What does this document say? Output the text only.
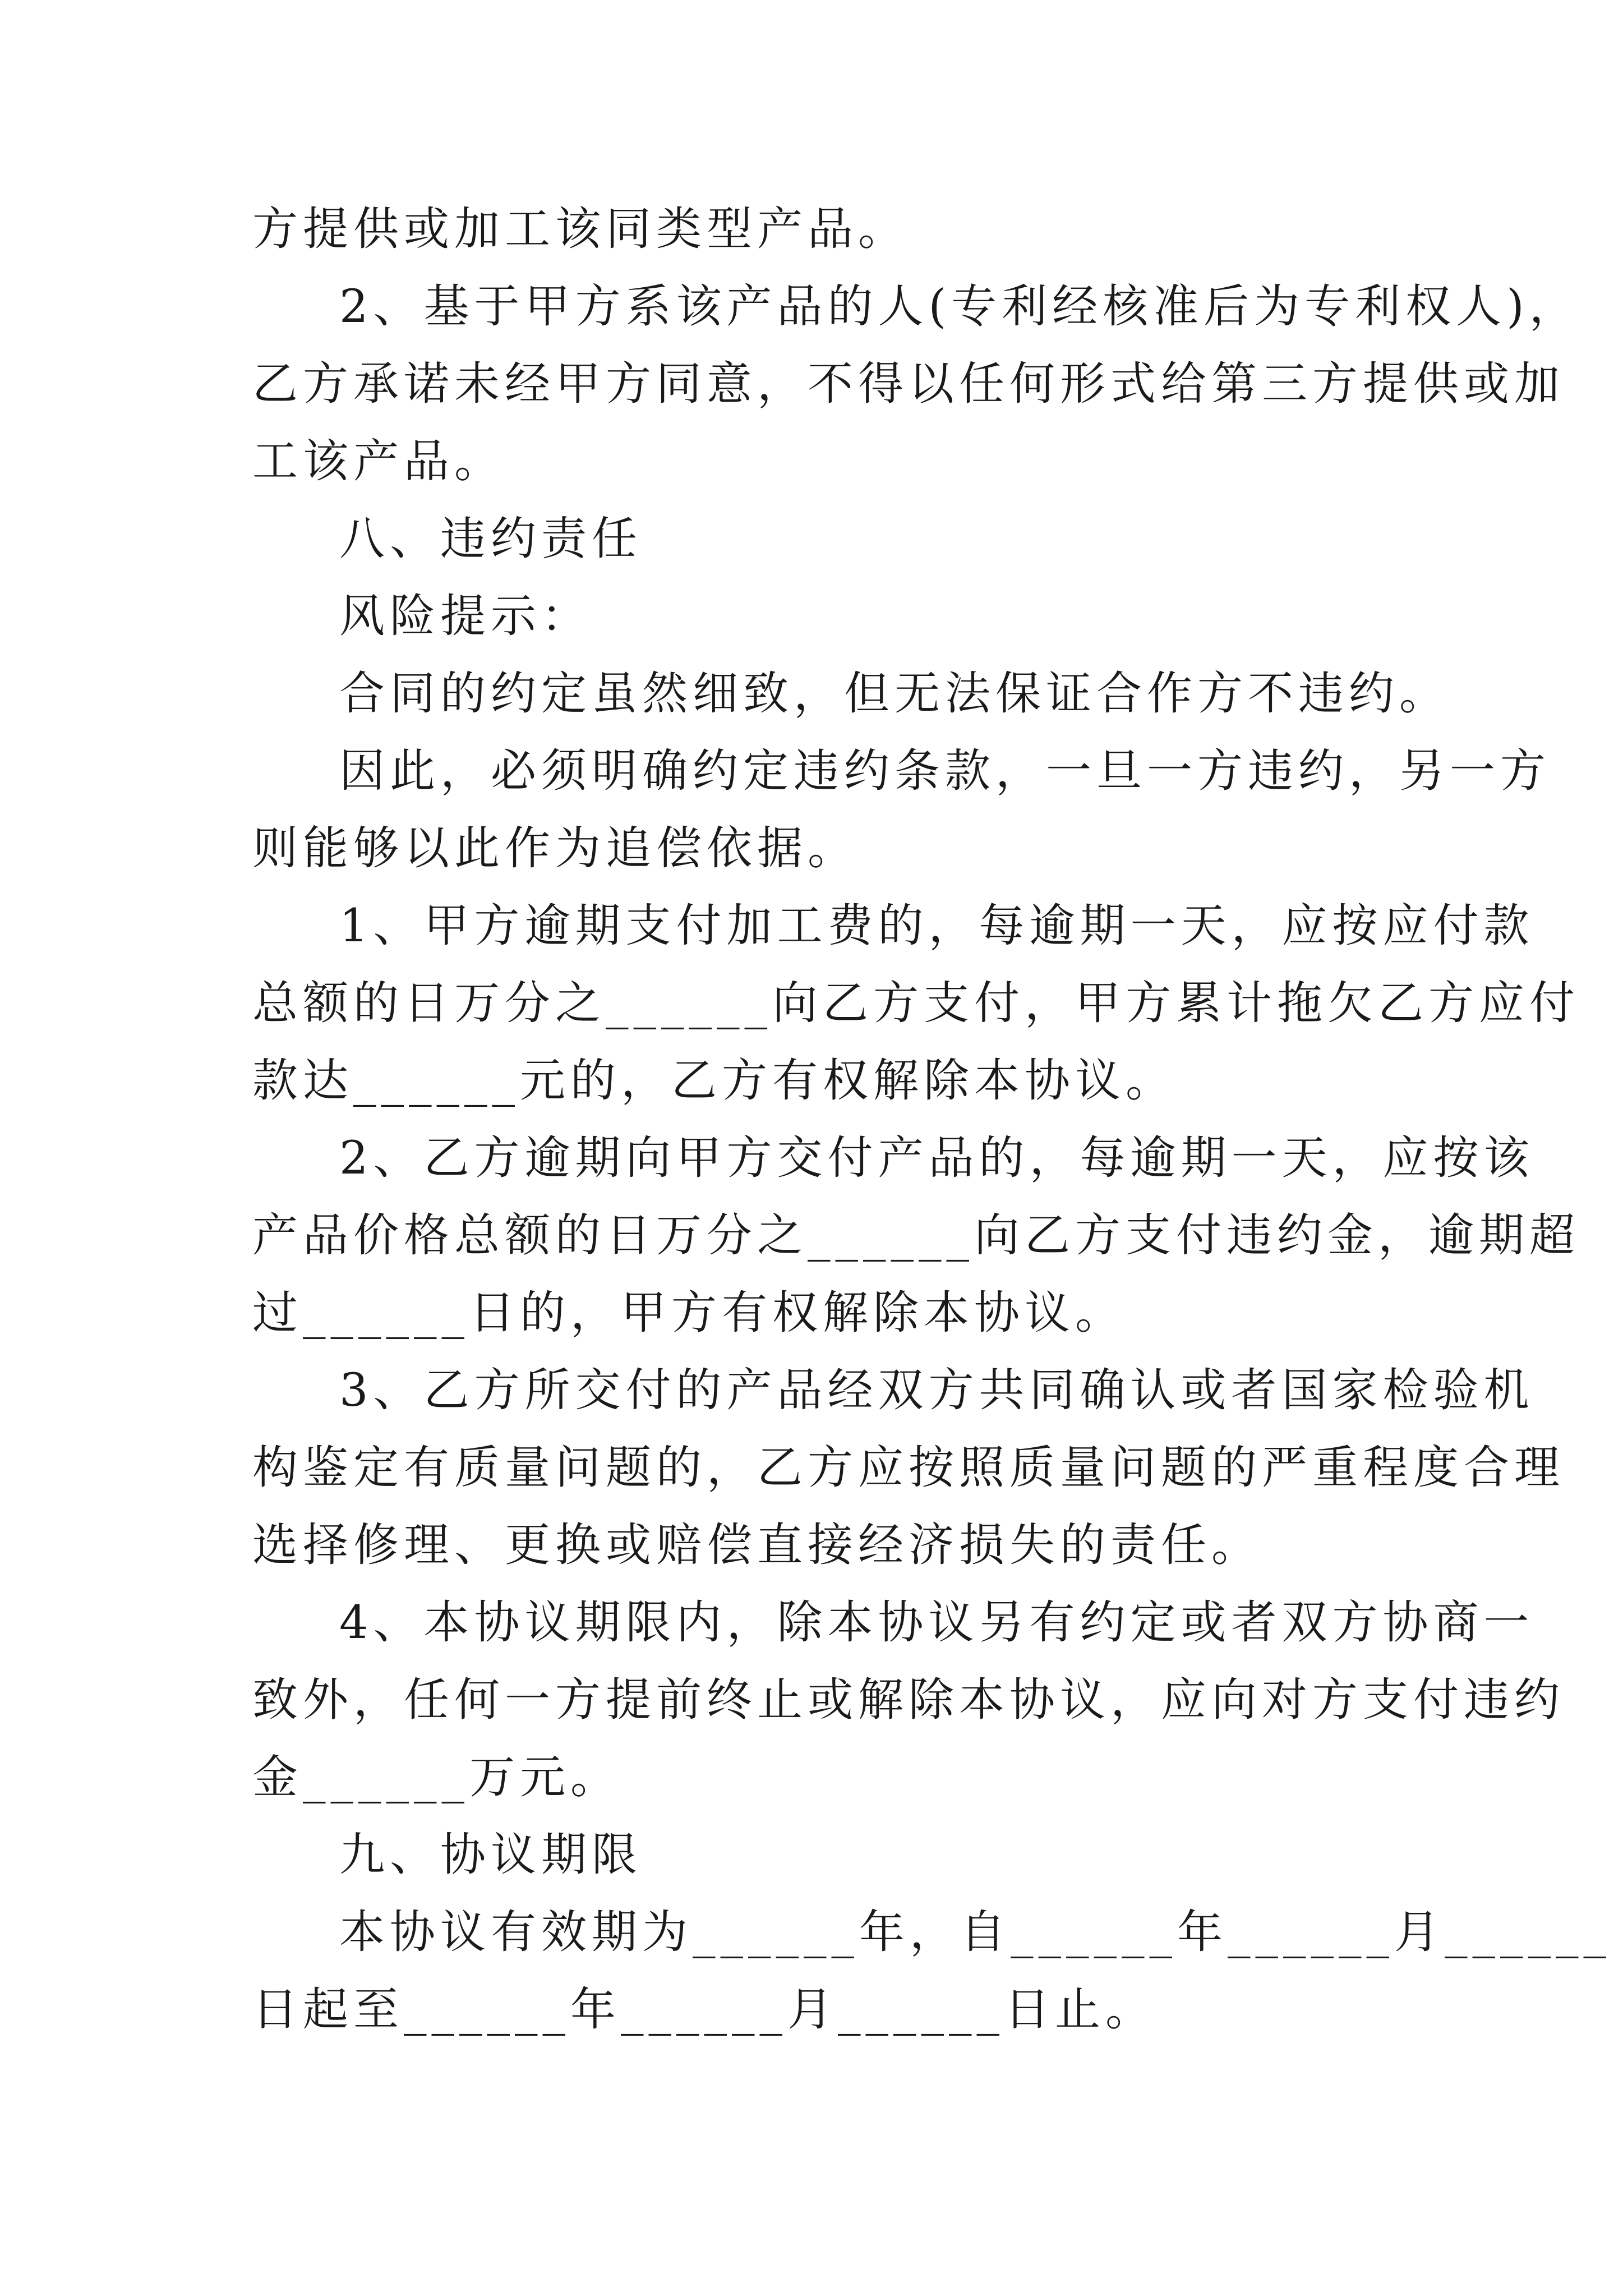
方提供或加工该同类型产品。
2、基于甲方系该产品的人(专利经核准后为专利权人)，
乙方承诺未经甲方同意，不得以任何形式给第三方提供或加
工该产品。
八、违约责任
风险提示：
合同的约定虽然细致，但无法保证合作方不违约。
因此，必须明确约定违约条款，一旦一方违约，另一方
则能够以此作为追偿依据。
1、甲方逾期支付加工费的，每逾期一天，应按应付款
总额的日万分之______向乙方支付，甲方累计拖欠乙方应付
款达______元的，乙方有权解除本协议。
2、乙方逾期向甲方交付产品的，每逾期一天，应按该
产品价格总额的日万分之______向乙方支付违约金，逾期超
过______日的，甲方有权解除本协议。
3、乙方所交付的产品经双方共同确认或者国家检验机
构鉴定有质量问题的，乙方应按照质量问题的严重程度合理
选择修理、更换或赔偿直接经济损失的责任。
4、本协议期限内，除本协议另有约定或者双方协商一
致外，任何一方提前终止或解除本协议，应向对方支付违约
金______万元。
九、协议期限
本协议有效期为______年，自______年______月______
日起至______年______月______日止。
